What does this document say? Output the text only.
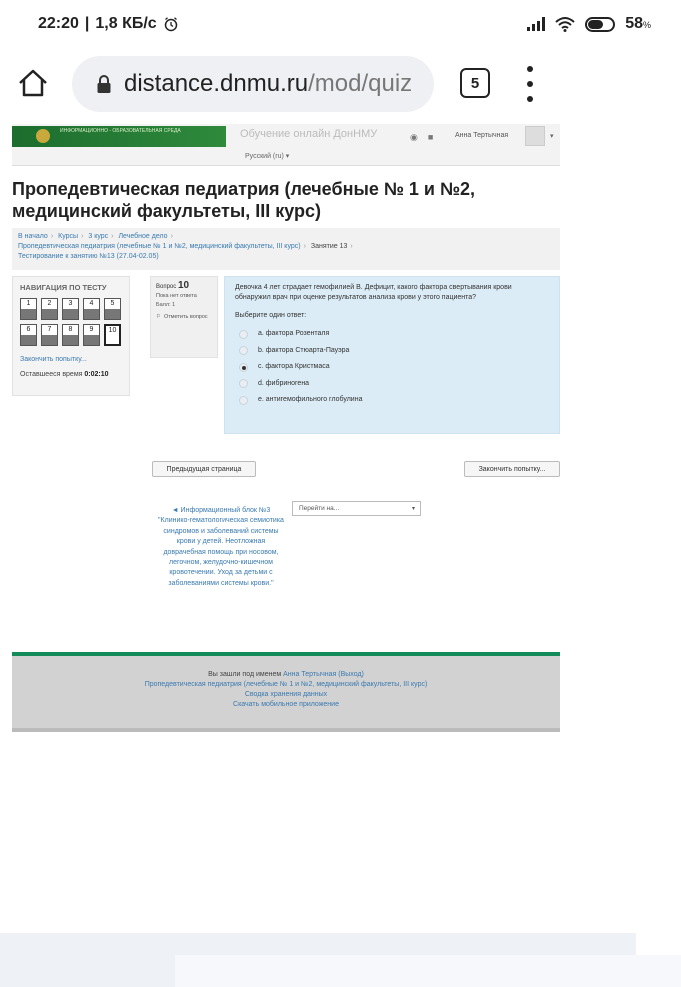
22:20 | 1,8 КБ/с	58%
distance.dnmu.ru /mod/quiz	5
ИНФОРМАЦИОННО - ОБРАЗОВАТЕЛЬНАЯ СРЕДА	Обучение онлайн ДонНМУ
Русский (ru) ▾
◉ ■	Анна Тертычная	▾
Пропедевтическая педиатрия (лечебные № 1 и №2, медицинский факультеты, III курс)
В начало › Курсы › 3 курс › Лечебное дело ›
Пропедевтическая педиатрия (лечебные № 1 и №2, медицинский факультеты, III курс) › Занятие 13 ›
Тестирование к занятию №13 (27.04-02.05)
НАВИГАЦИЯ ПО ТЕСТУ
1	2	3	4	5
6	7	8	9	10
Закончить попытку...
Оставшееся время 0:02:10
Вопрос 10
Пока нет ответа
Балл: 1
⚐ Отметить вопрос
Девочка 4 лет страдает гемофилией В. Дефицит, какого фактора свертывания крови обнаружил врач при оценке результатов анализа крови у этого пациента?
Выберите один ответ:
a. фактора Розенталя
b. фактора Стюарта-Пауэра
c. фактора Кристмаса
d. фибриногена
e. антигемофильного глобулина
Предыдущая страница	Закончить попытку...
◄ Информационный блок №3 "Клинико-гематологическая семиотика синдромов и заболеваний системы крови у детей. Неотложная доврачебная помощь при носовом, легочном, желудочно-кишечном кровотечении. Уход за детьми с заболеваниями системы крови."
Перейти на...	▾
Вы зашли под именем Анна Тертычная (Выход)
Пропедевтическая педиатрия (лечебные № 1 и №2, медицинский факультеты, III курс)
Сводка хранения данных
Скачать мобильное приложение
